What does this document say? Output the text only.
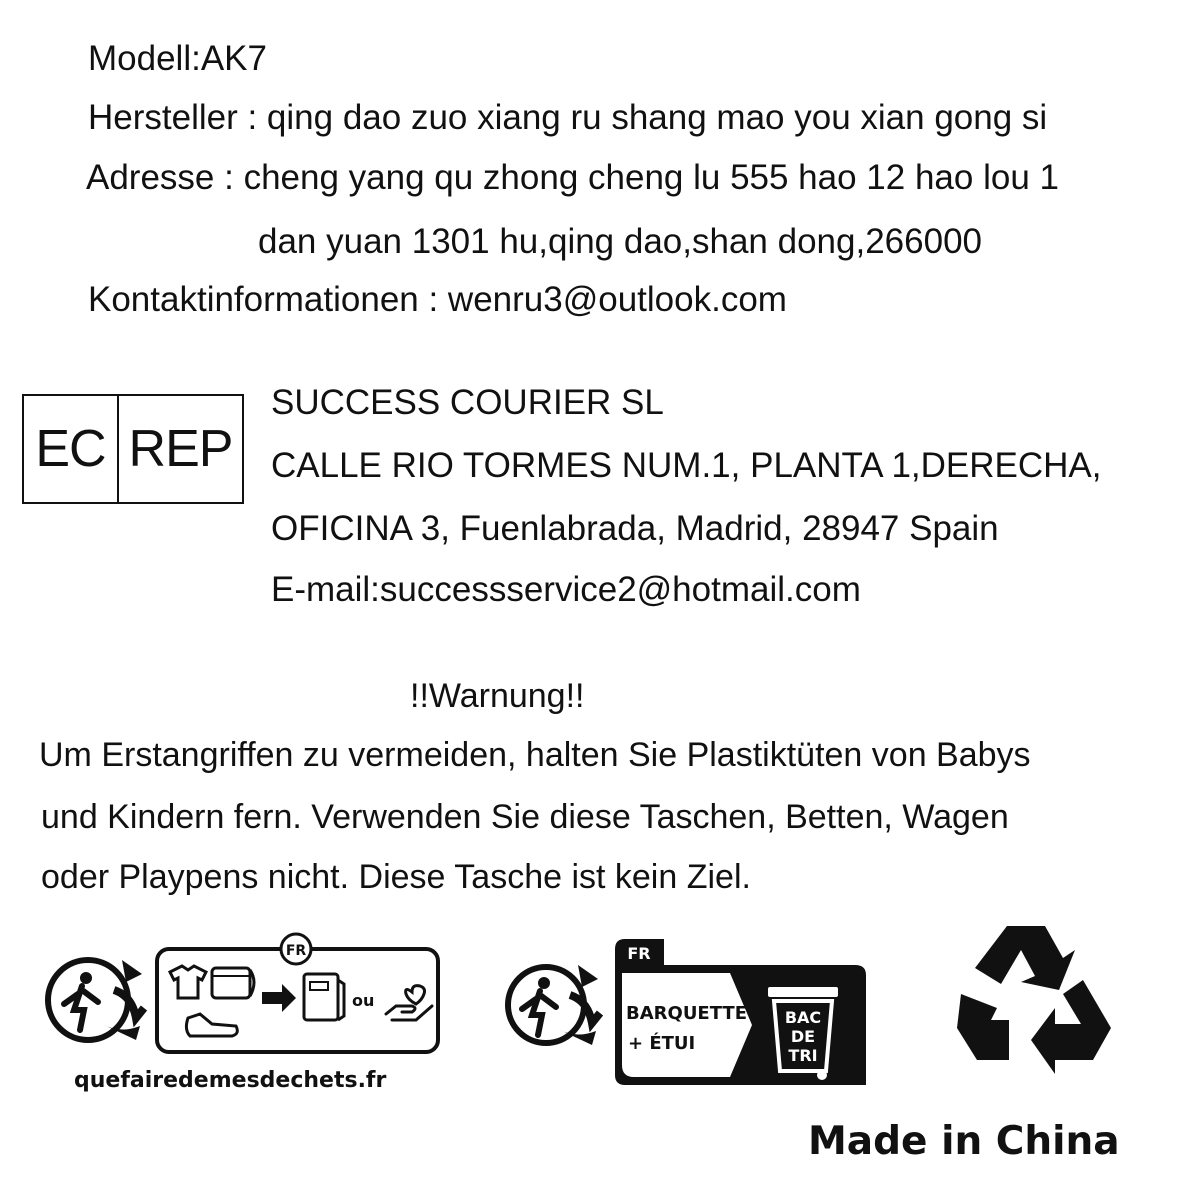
Modell:AK7
Hersteller : qing dao zuo xiang ru shang mao you xian gong si
Adresse : cheng yang qu zhong cheng lu 555 hao 12 hao lou 1
dan yuan 1301 hu,qing dao,shan dong,266000
Kontaktinformationen : wenru3@outlook.com
EC REP
SUCCESS COURIER SL
CALLE RIO TORMES NUM.1, PLANTA 1,DERECHA,
OFICINA 3, Fuenlabrada, Madrid, 28947 Spain
E-mail:successservice2@hotmail.com
!!Warnung!!
Um Erstangriffen zu vermeiden, halten Sie Plastiktüten von Babys
und Kindern fern. Verwenden Sie diese Taschen, Betten, Wagen
oder Playpens nicht. Diese Tasche ist kein Ziel.
FR
ou
quefairedemesdechets.fr
FR
BARQUETTE
+ ÉTUI
BAC
DE
TRI
Made in China
